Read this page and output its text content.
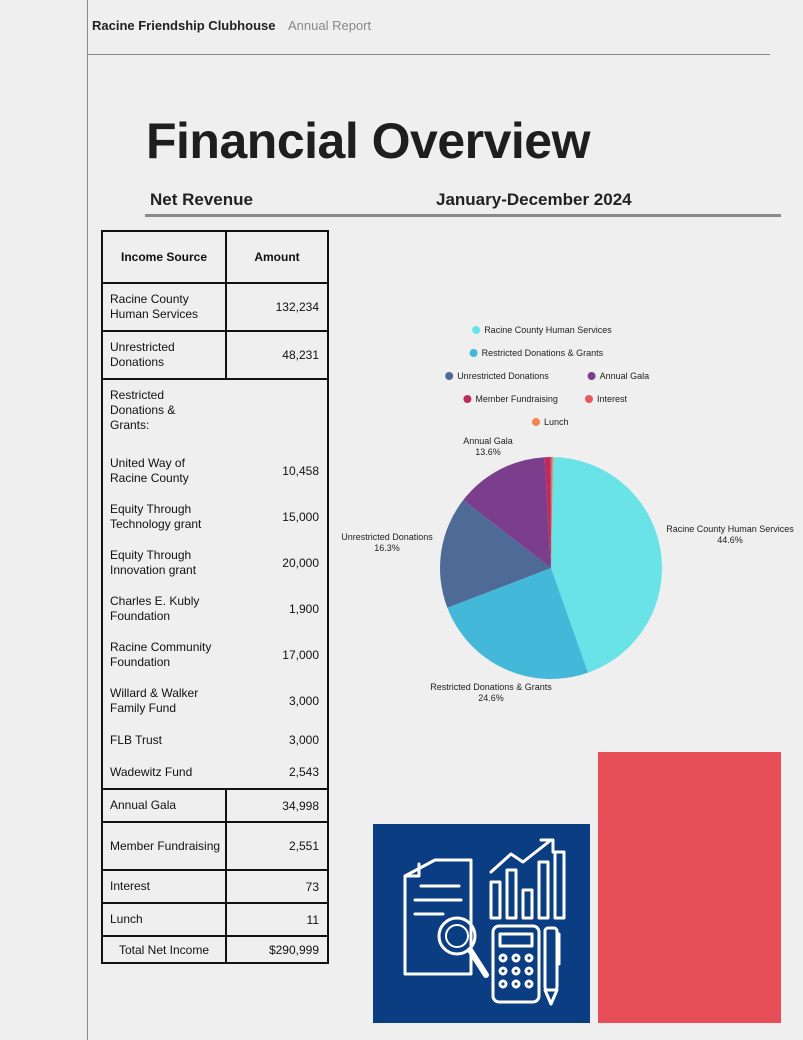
Racine Friendship Clubhouse Annual Report
Financial Overview
Net Revenue	January-December 2024
Income Source	Amount
Racine County Human Services	132,234
Unrestricted Donations	48,231
Restricted Donations & Grants:	
United Way of Racine County	10,458
Equity Through Technology grant	15,000
Equity Through Innovation grant	20,000
Charles E. Kubly Foundation	1,900
Racine Community Foundation	17,000
Willard & Walker Family Fund	3,000
FLB Trust	3,000
Wadewitz Fund	2,543
Annual Gala	34,998
Member Fundraising	2,551
Interest	73
Lunch	11
Total Net Income	$290,999
Racine County Human Services
44.6%
Restricted Donations & Grants
24.6%
Unrestricted Donations
16.3%
Annual Gala
13.6%
Racine County Human Services
Restricted Donations & Grants
Unrestricted Donations	Annual Gala
Member Fundraising	Interest
Lunch
